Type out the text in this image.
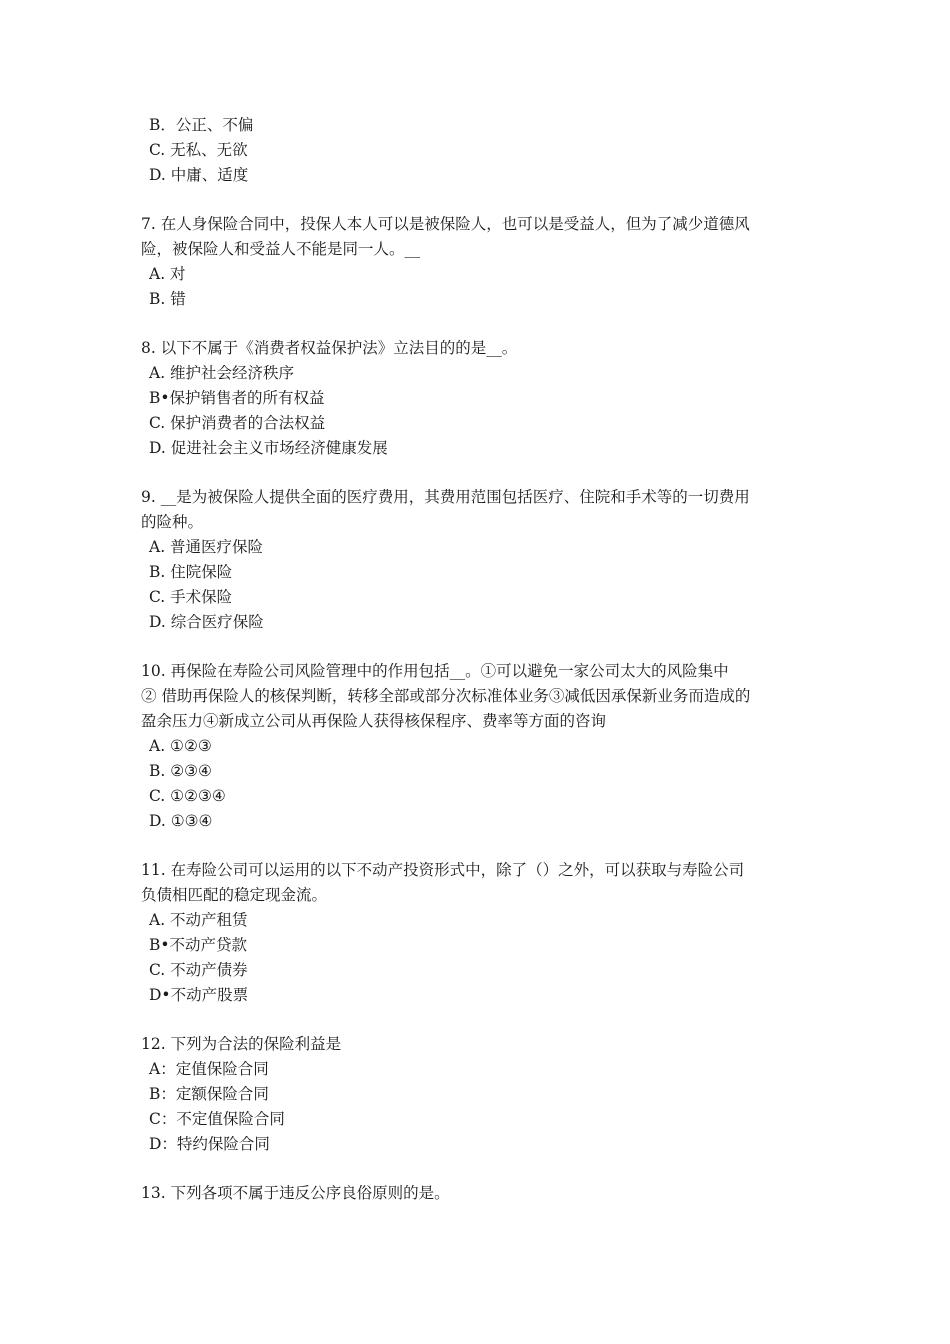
B．公正、不偏
C. 无私、无欲
D. 中庸、适度
7. 在人身保险合同中，投保人本人可以是被保险人，也可以是受益人，但为了减少道德风
险，被保险人和受益人不能是同一人。__
A. 对
B. 错
8. 以下不属于《消费者权益保护法》立法目的的是__。
A. 维护社会经济秩序
B•保护销售者的所有权益
C. 保护消费者的合法权益
D. 促进社会主义市场经济健康发展
9. __是为被保险人提供全面的医疗费用，其费用范围包括医疗、住院和手术等的一切费用
的险种。
A. 普通医疗保险
B. 住院保险
C. 手术保险
D. 综合医疗保险
10. 再保险在寿险公司风险管理中的作用包括__。①可以避免一家公司太大的风险集中
② 借助再保险人的核保判断，转移全部或部分次标准体业务③减低因承保新业务而造成的
盈余压力④新成立公司从再保险人获得核保程序、费率等方面的咨询
A. ①②③
B. ②③④
C. ①②③④
D. ①③④
11. 在寿险公司可以运用的以下不动产投资形式中，除了（）之外，可以获取与寿险公司
负债相匹配的稳定现金流。
A. 不动产租赁
B•不动产贷款
C. 不动产债券
D•不动产股票
12. 下列为合法的保险利益是
A：定值保险合同
B：定额保险合同
C：不定值保险合同
D：特约保险合同
13. 下列各项不属于违反公序良俗原则的是。
